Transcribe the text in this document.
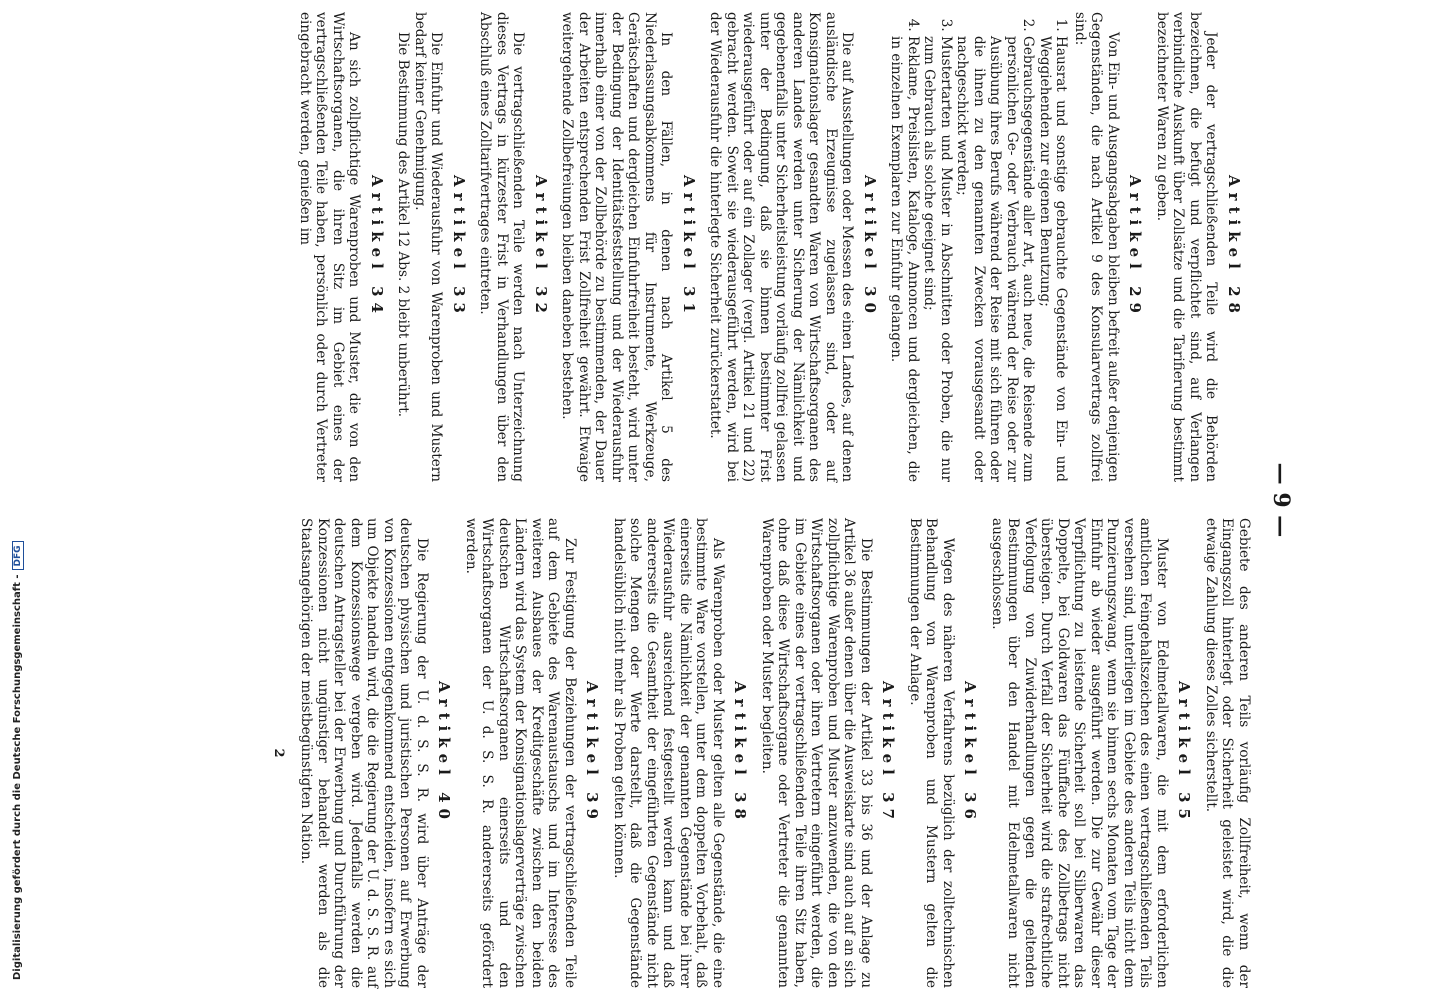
Digitalisierung gefördert durch die Deutsche Forschungsgemeinschaft -DFG
— 9 —
Artikel 28

Jeder der vertragschließenden Teile wird die Behörden bezeichnen, die befugt und verpflichtet sind, auf Verlangen verbindliche Auskunft über Zollsätze und die Tarifierung bestimmt bezeichneter Waren zu geben.

Artikel 29

Von Ein- und Ausgangsabgaben bleiben befreit außer denjenigen Gegenständen, die nach Artikel 9 des Konsularvertrags zollfrei sind:

1. Hausrat und sonstige gebrauchte Gegenstände von Ein- und Weggiehenden zur eigenen Benutzung;
2. Gebrauchsgegenstände aller Art, auch neue, die Reisende zum persönlichen Ge- oder Verbrauch während der Reise oder zur Ausübung ihres Berufs während der Reise mit sich führen oder die ihnen zu den genannten Zwecken vorausgesandt oder nachgeschickt werden;
3. Mustertarten und Muster in Abschnitten oder Proben, die nur zum Gebrauch als solche geeignet sind;
4. Reklame, Preislisten, Kataloge, Annoncen und dergleichen, die in einzelnen Exemplaren zur Einfuhr gelangen.
Artikel 30

Die auf Ausstellungen oder Messen des einen Landes, auf denen ausländische Erzeugnisse zugelassen sind, oder auf Konsignationslager gesandten Waren von Wirtschaftsorganen des anderen Landes werden unter Sicherung der Nämlichkeit und gegebenenfalls unter Sicherheitsleistung vorläufig zollfrei gelassen unter der Bedingung, daß sie binnen bestimmter Frist wiederausgeführt oder auf ein Zollager (vergl. Artikel 21 und 22) gebracht werden. Soweit sie wiederausgeführt werden, wird bei der Wiederausfuhr die hinterlegte Sicherheit zurückerstattet.

Artikel 31

In den Fällen, in denen nach Artikel 5 des Niederlassungsabkommens für Instrumente, Werkzeuge, Gerätschaften und dergleichen Einfuhrfreiheit besteht, wird unter der Bedingung der Identitätsfeststellung und der Wiederausfuhr innerhalb einer von der Zollbehörde zu bestimmenden, der Dauer der Arbeiten entsprechenden Frist Zollfreiheit gewährt. Etwaige weitergehende Zollbefreiungen bleiben daneben bestehen.

Artikel 32

Die vertragschließenden Teile werden nach Unterzeichnung dieses Vertrags in kürzester Frist in Verhandlungen über den Abschluß eines Zolltarifvertrages eintreten.

Artikel 33

Die Einfuhr und Wiederausfuhr von Warenproben und Mustern bedarf keiner Genehmigung.

Die Bestimmung des Artikel 12 Abs. 2 bleibt unberührt.

Artikel 34

An sich zollpflichtige Warenproben und Muster, die von den Wirtschaftsorganen, die ihren Sitz im Gebiet eines der vertragschließenden Teile haben, persönlich oder durch Vertreter eingebracht werden, genießen im

Gebiete des anderen Teils vorläufig Zollfreiheit, wenn der Eingangszoll hinterlegt oder Sicherheit geleistet wird, die die etwaige Zahlung dieses Zolles sicherstellt.

Artikel 35

Muster von Edelmetallwaren, die mit dem erforderlichen amtlichen Feingehaltszeichen des einen vertragschließenden Teils versehen sind, unterliegen im Gebiete des anderen Teils nicht dem Punzierungszwang, wenn sie binnen sechs Monaten vom Tage der Einfuhr ab wieder ausgeführt werden. Die zur Gewähr dieser Verpflichtung zu leistende Sicherheit soll bei Silberwaren das Doppelte, bei Goldwaren das Fünffache des Zollbetrags nicht übersteigen. Durch Verfall der Sicherheit wird die strafrechtliche Verfolgung von Zuwiderhandlungen gegen die geltenden Bestimmungen über den Handel mit Edelmetallwaren nicht ausgeschlossen.

Artikel 36

Wegen des näheren Verfahrens bezüglich der zolltechnischen Behandlung von Warenproben und Mustern gelten die Bestimmungen der Anlage.

Artikel 37

Die Bestimmungen der Artikel 33 bis 36 und der Anlage zu Artikel 36 außer denen über die Ausweiskarte sind auch auf an sich zollpflichtige Warenproben und Muster anzuwenden, die von den Wirtschaftsorganen oder ihren Vertretern eingeführt werden, die im Gebiete eines der vertragschließenden Teile ihren Sitz haben, ohne daß diese Wirtschaftsorgane oder Vertreter die genannten Warenproben oder Muster begleiten.

Artikel 38

Als Warenproben oder Muster gelten alle Gegenstände, die eine bestimmte Ware vorstellen, unter dem doppelten Vorbehalt, daß einerseits die Nämlichkeit der genannten Gegenstände bei ihrer Wiederausfuhr ausreichend festgestellt werden kann und daß andererseits die Gesamtheit der eingeführten Gegenstände nicht solche Mengen oder Werte darstellt, daß die Gegenstände handelsüblich nicht mehr als Proben gelten können.

Artikel 39

Zur Festigung der Beziehungen der vertragschließenden Teile auf dem Gebiete des Warenaustauschs und im Interesse des weiteren Ausbaues der Kreditgeschäfte zwischen den beiden Ländern wird das System der Konsignationslagerverträge zwischen deutschen Wirtschaftsorganen einerseits und den Wirtschaftsorganen der U. d. S. S. R. andererseits gefördert werden.

Artikel 40

Die Regierung der U. d. S. S. R. wird über Anträge der deutschen physischen und juristischen Personen auf Erwerbung von Konzessionen entgegenkommend entscheiden, insofern es sich um Objekte handeln wird, die die Regierung der U. d. S. S. R. auf dem Konzessionswege vergeben wird. Jedenfalls werden die deutschen Antragsteller bei der Erwerbung und Durchführung der Konzessionen nicht ungünstiger behandelt werden als die Staatsangehörigen der meistbegünstigten Nation.

2
